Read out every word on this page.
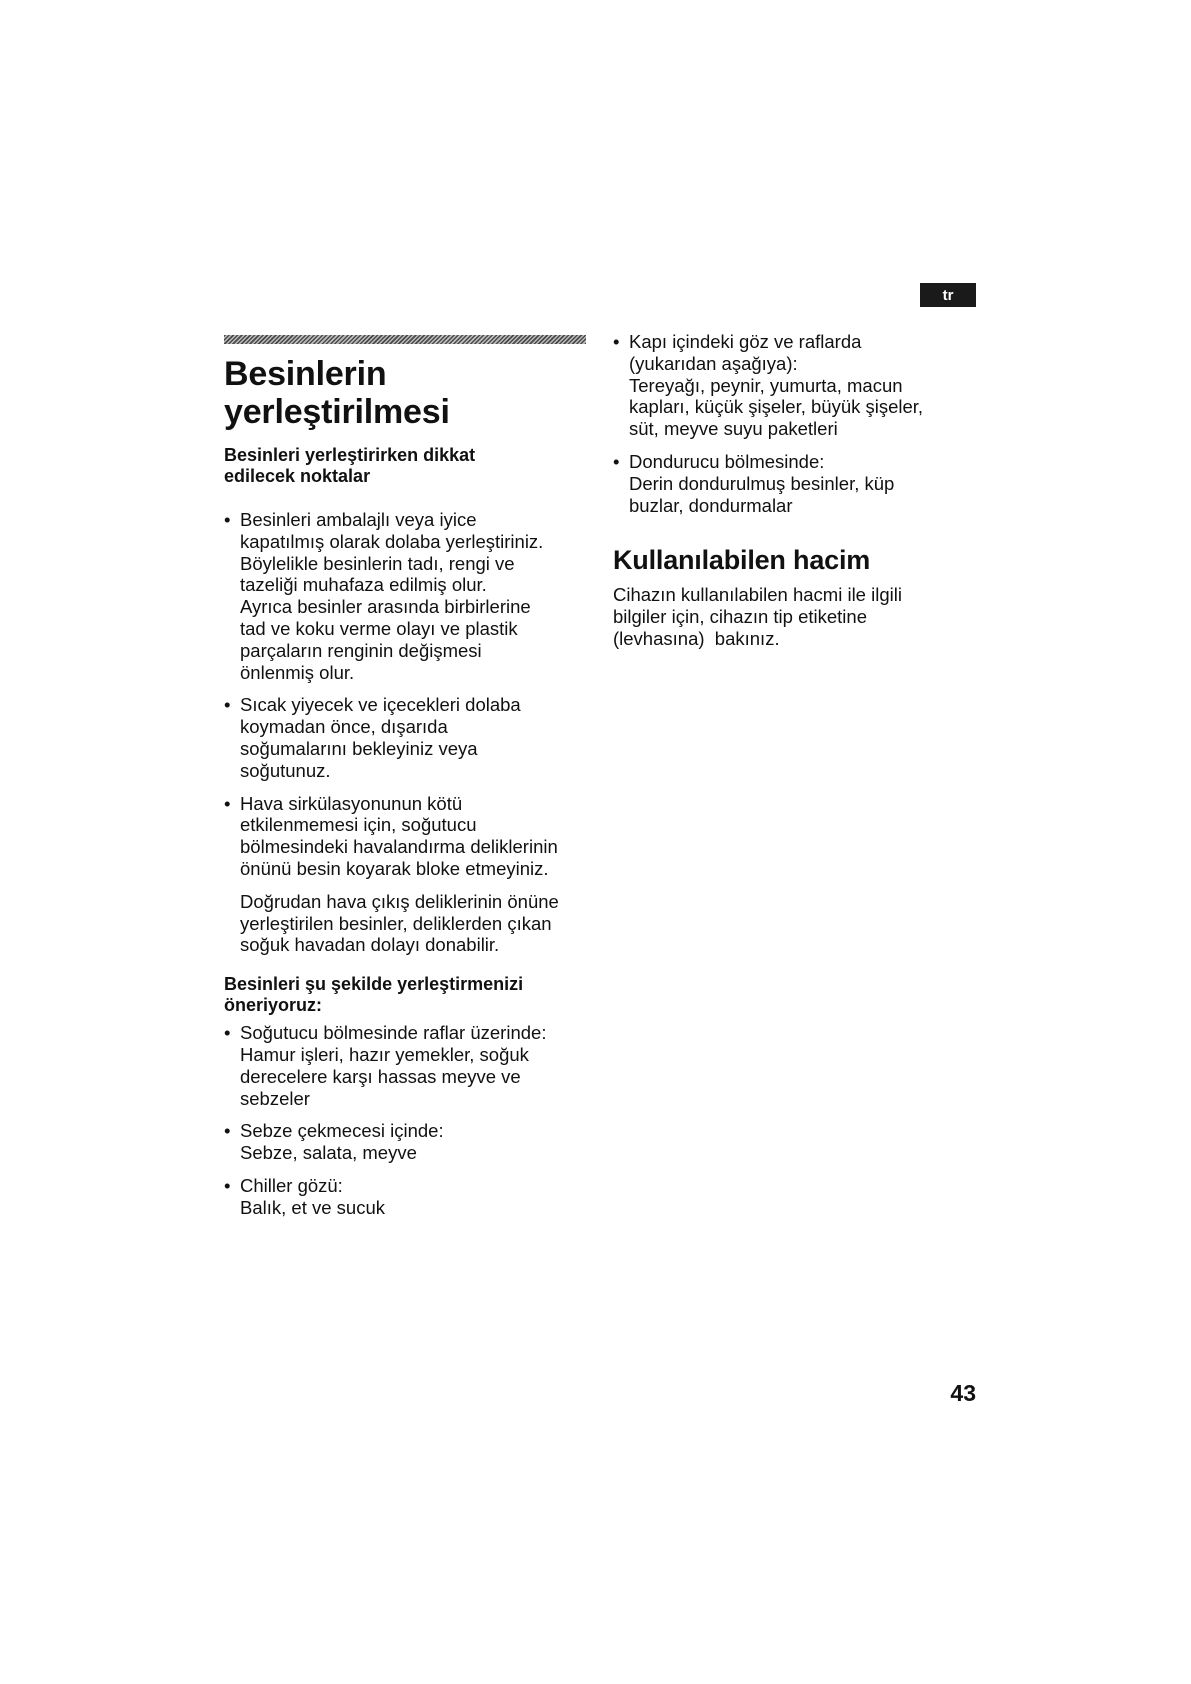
tr
Besinlerin
yerleştirilmesi
Besinleri yerleştirirken dikkat
edilecek noktalar
• Besinleri ambalajlı veya iyice
kapatılmış olarak dolaba yerleştiriniz.
Böylelikle besinlerin tadı, rengi ve
tazeliği muhafaza edilmiş olur.
Ayrıca besinler arasında birbirlerine
tad ve koku verme olayı ve plastik
parçaların renginin değişmesi
önlenmiş olur.
• Sıcak yiyecek ve içecekleri dolaba
koymadan önce, dışarıda
soğumalarını bekleyiniz veya
soğutunuz.
• Hava sirkülasyonunun kötü
etkilenmemesi için, soğutucu
bölmesindeki havalandırma deliklerinin
önünü besin koyarak bloke etmeyiniz.

Doğrudan hava çıkış deliklerinin önüne
yerleştirilen besinler, deliklerden çıkan
soğuk havadan dolayı donabilir.

Besinleri şu şekilde yerleştirmenizi
öneriyoruz:
• Soğutucu bölmesinde raflar üzerinde:
Hamur işleri, hazır yemekler, soğuk
derecelere karşı hassas meyve ve
sebzeler
• Sebze çekmecesi içinde:
Sebze, salata, meyve
• Chiller gözü:
Balık, et ve sucuk
• Kapı içindeki göz ve raflarda
(yukarıdan aşağıya):
Tereyağı, peynir, yumurta, macun
kapları, küçük şişeler, büyük şişeler,
süt, meyve suyu paketleri
• Dondurucu bölmesinde:
Derin dondurulmuş besinler, küp
buzlar, dondurmalar
Kullanılabilen hacim

Cihazın kullanılabilen hacmi ile ilgili
bilgiler için, cihazın tip etiketine
(levhasına)  bakınız.

43
